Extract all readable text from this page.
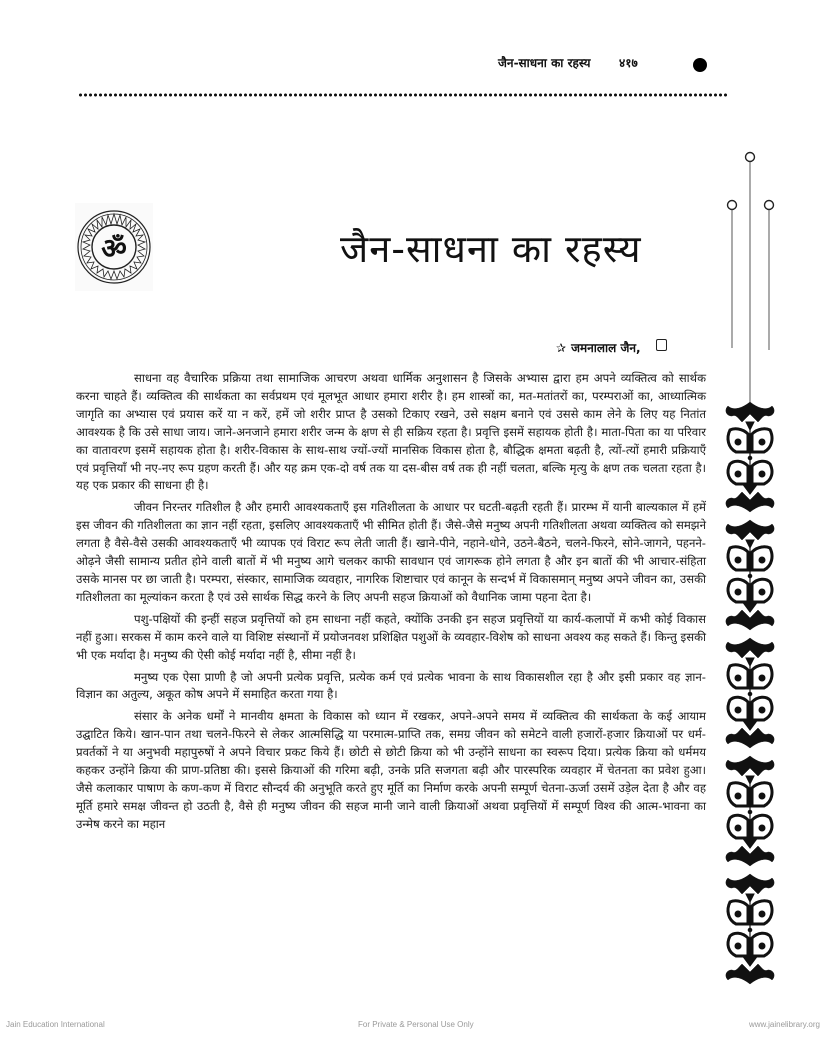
जैन-साधना का रहस्य ४१७
ॐ	जैन-साधना का रहस्य
✰ जमनालाल जैन,

साधना वह वैचारिक प्रक्रिया तथा सामाजिक आचरण अथवा धार्मिक अनुशासन है जिसके अभ्यास द्वारा हम अपने व्यक्तित्व को सार्थक करना चाहते हैं। व्यक्तित्व की सार्थकता का सर्वप्रथम एवं मूलभूत आधार हमारा शरीर है। हम शास्त्रों का, मत-मतांतरों का, परम्पराओं का, आध्यात्मिक जागृति का अभ्यास एवं प्रयास करें या न करें, हमें जो शरीर प्राप्त है उसको टिकाए रखने, उसे सक्षम बनाने एवं उससे काम लेने के लिए यह नितांत आवश्यक है कि उसे साधा जाय। जाने-अनजाने हमारा शरीर जन्म के क्षण से ही सक्रिय रहता है। प्रवृत्ति इसमें सहायक होती है। माता-पिता का या परिवार का वातावरण इसमें सहायक होता है। शरीर-विकास के साथ-साथ ज्यों-ज्यों मानसिक विकास होता है, बौद्धिक क्षमता बढ़ती है, त्यों-त्यों हमारी प्रक्रियाएँ एवं प्रवृत्तियाँ भी नए-नए रूप ग्रहण करती हैं। और यह क्रम एक-दो वर्ष तक या दस-बीस वर्ष तक ही नहीं चलता, बल्कि मृत्यु के क्षण तक चलता रहता है। यह एक प्रकार की साधना ही है।

जीवन निरन्तर गतिशील है और हमारी आवश्यकताएँ इस गतिशीलता के आधार पर घटती-बढ़ती रहती हैं। प्रारम्भ में यानी बाल्यकाल में हमें इस जीवन की गतिशीलता का ज्ञान नहीं रहता, इसलिए आवश्यकताएँ भी सीमित होती हैं। जैसे-जैसे मनुष्य अपनी गतिशीलता अथवा व्यक्तित्व को समझने लगता है वैसे-वैसे उसकी आवश्यकताएँ भी व्यापक एवं विराट रूप लेती जाती हैं। खाने-पीने, नहाने-धोने, उठने-बैठने, चलने-फिरने, सोने-जागने, पहनने-ओढ़ने जैसी सामान्य प्रतीत होने वाली बातों में भी मनुष्य आगे चलकर काफी सावधान एवं जागरूक होने लगता है और इन बातों की भी आचार-संहिता उसके मानस पर छा जाती है। परम्परा, संस्कार, सामाजिक व्यवहार, नागरिक शिष्टाचार एवं कानून के सन्दर्भ में विकासमान् मनुष्य अपने जीवन का, उसकी गतिशीलता का मूल्यांकन करता है एवं उसे सार्थक सिद्ध करने के लिए अपनी सहज क्रियाओं को वैधानिक जामा पहना देता है।

पशु-पक्षियों की इन्हीं सहज प्रवृत्तियों को हम साधना नहीं कहते, क्योंकि उनकी इन सहज प्रवृत्तियों या कार्य-कलापों में कभी कोई विकास नहीं हुआ। सरकस में काम करने वाले या विशिष्ट संस्थानों में प्रयोजनवश प्रशिक्षित पशुओं के व्यवहार-विशेष को साधना अवश्य कह सकते हैं। किन्तु इसकी भी एक मर्यादा है। मनुष्य की ऐसी कोई मर्यादा नहीं है, सीमा नहीं है।

मनुष्य एक ऐसा प्राणी है जो अपनी प्रत्येक प्रवृत्ति, प्रत्येक कर्म एवं प्रत्येक भावना के साथ विकासशील रहा है और इसी प्रकार वह ज्ञान-विज्ञान का अतुल्य, अकूत कोष अपने में समाहित करता गया है।

संसार के अनेक धर्मों ने मानवीय क्षमता के विकास को ध्यान में रखकर, अपने-अपने समय में व्यक्तित्व की सार्थकता के कई आयाम उद्घाटित किये। खान-पान तथा चलने-फिरने से लेकर आत्मसिद्धि या परमात्म-प्राप्ति तक, समग्र जीवन को समेटने वाली हजारों-हजार क्रियाओं पर धर्म-प्रवर्तकों ने या अनुभवी महापुरुषों ने अपने विचार प्रकट किये हैं। छोटी से छोटी क्रिया को भी उन्होंने साधना का स्वरूप दिया। प्रत्येक क्रिया को धर्ममय कहकर उन्होंने क्रिया की प्राण-प्रतिष्ठा की। इससे क्रियाओं की गरिमा बढ़ी, उनके प्रति सजगता बढ़ी और पारस्परिक व्यवहार में चेतनता का प्रवेश हुआ। जैसे कलाकार पाषाण के कण-कण में विराट सौन्दर्य की अनुभूति करते हुए मूर्ति का निर्माण करके अपनी सम्पूर्ण चेतना-ऊर्जा उसमें उड़ेल देता है और वह मूर्ति हमारे समक्ष जीवन्त हो उठती है, वैसे ही मनुष्य जीवन की सहज मानी जाने वाली क्रियाओं अथवा प्रवृत्तियों में सम्पूर्ण विश्व की आत्म-भावना का उन्मेष करने का महान

Jain Education International	For Private & Personal Use Only	www.jainelibrary.org
